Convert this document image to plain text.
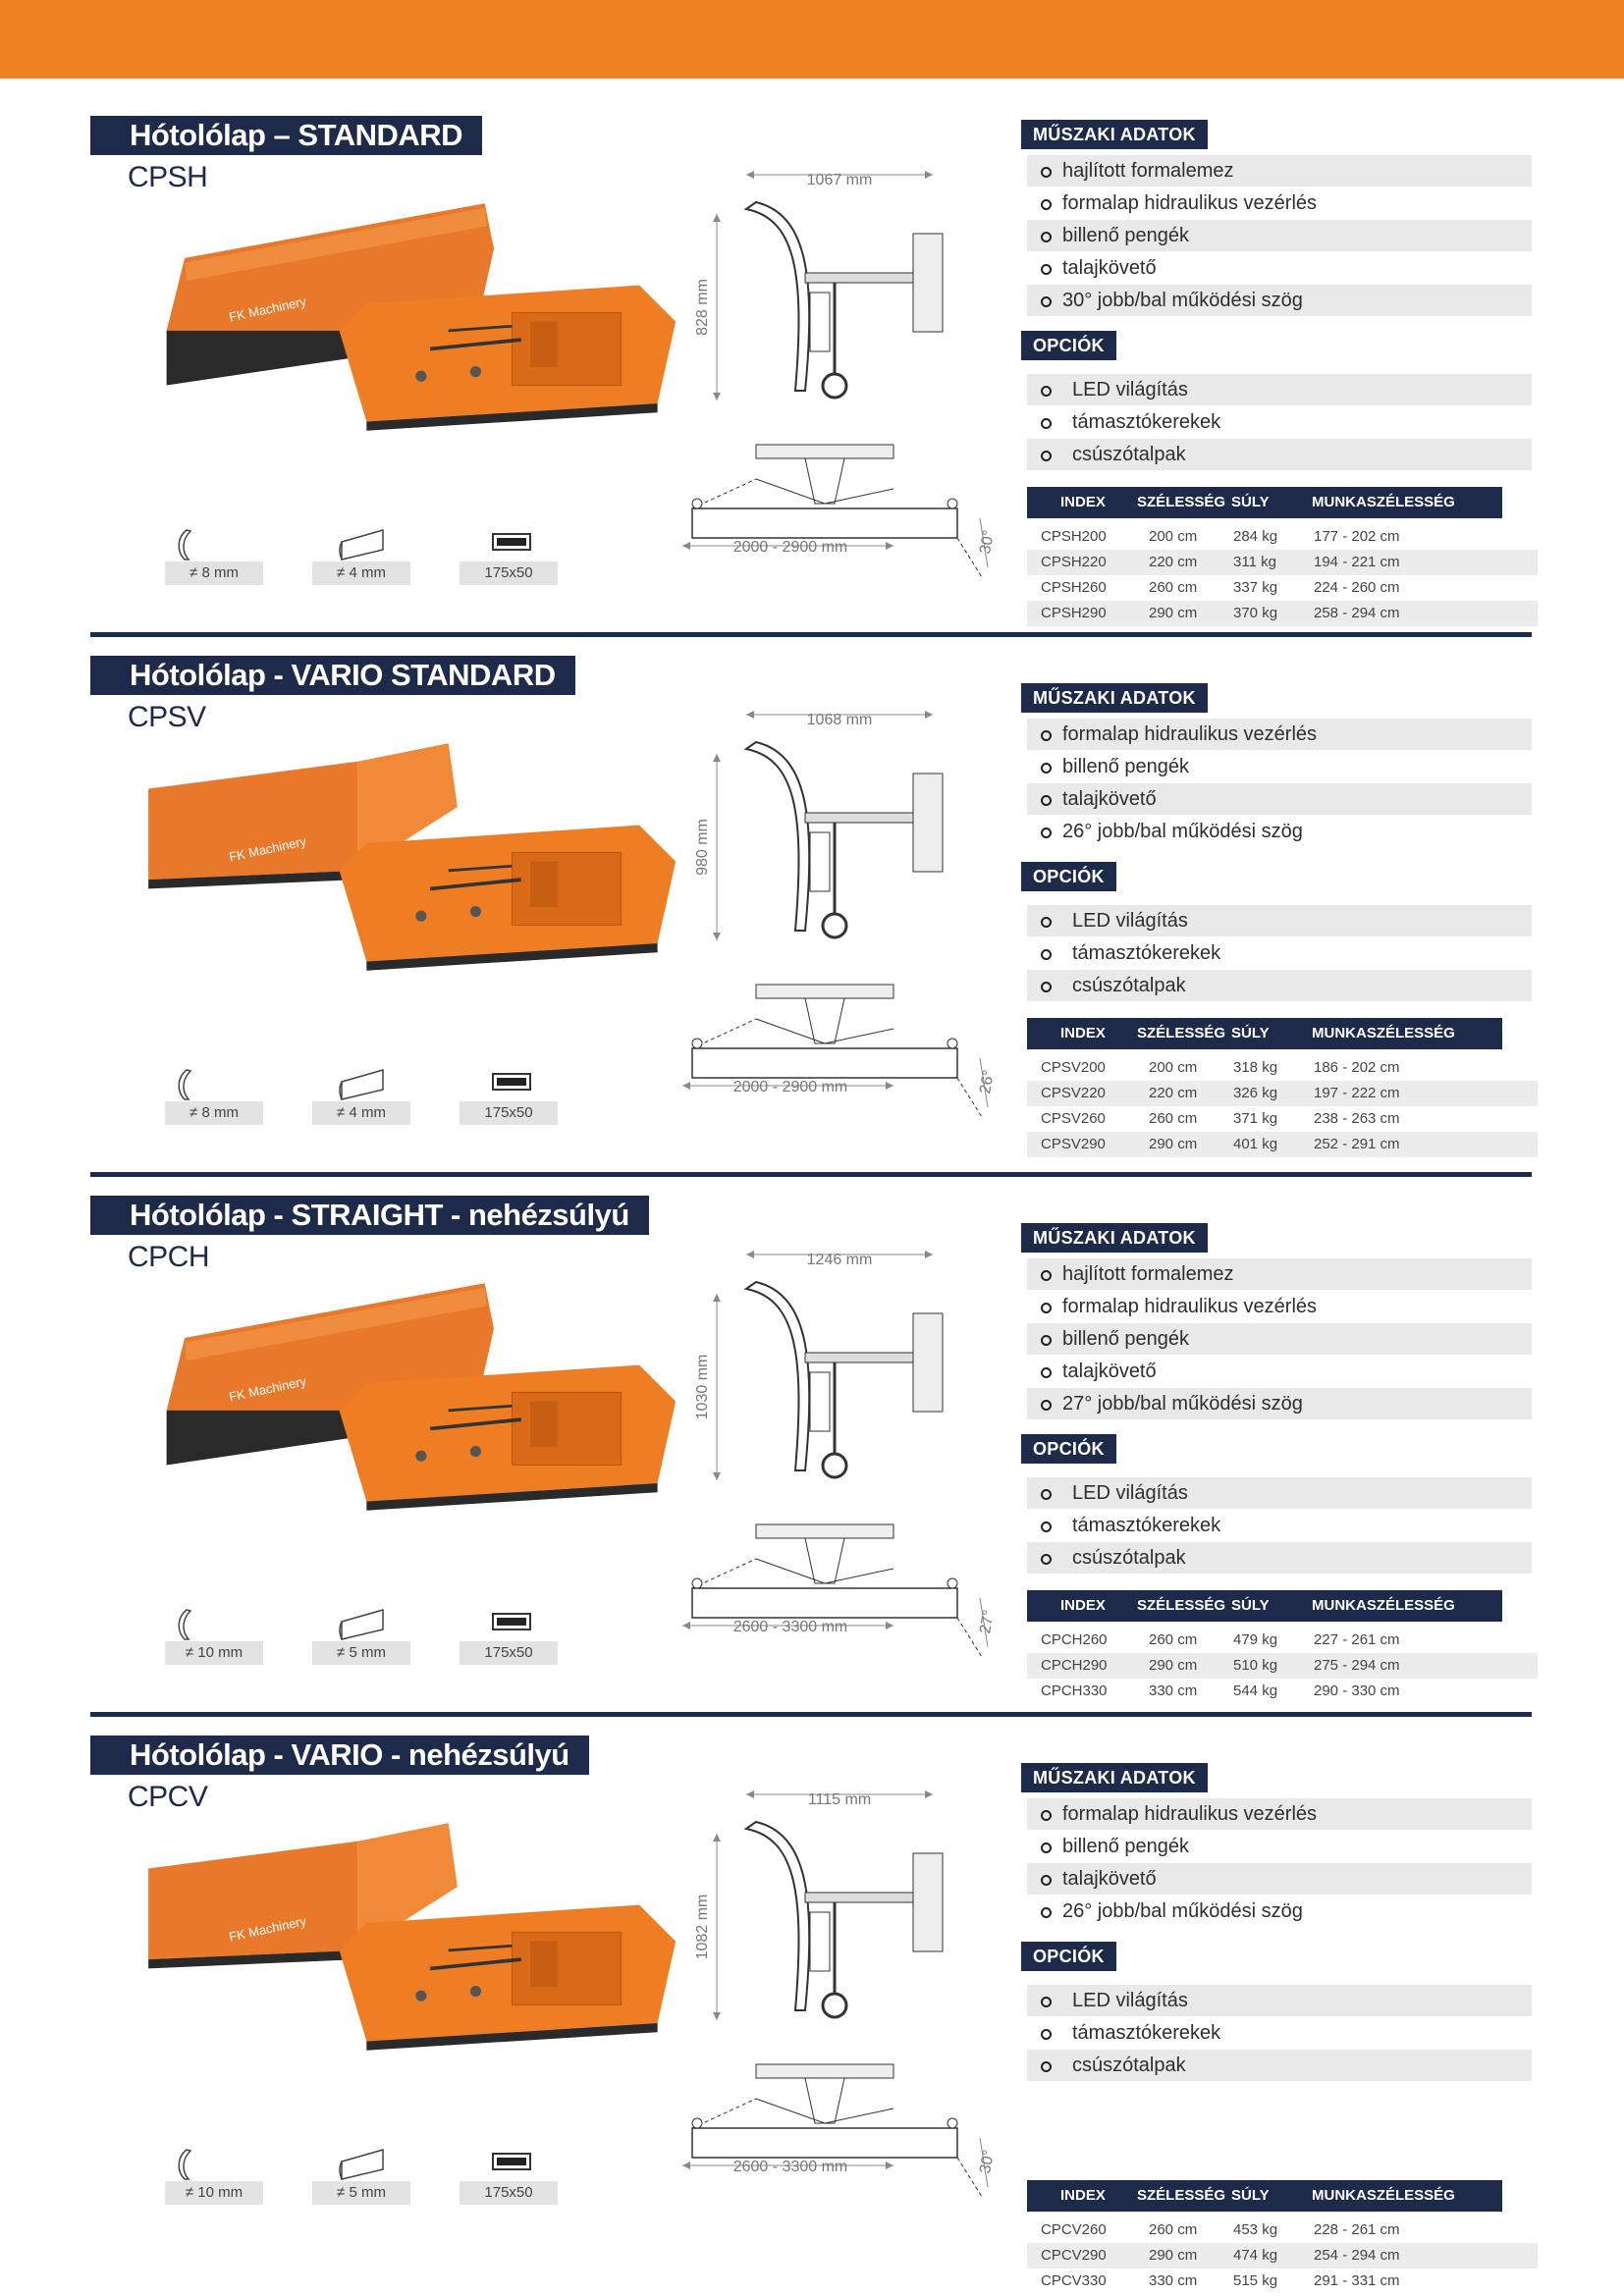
Hótolólap – STANDARD
CPSH
FK Machinery
≠ 8 mm	≠ 4 mm	175x50
1067 mm
828 mm
2000 - 2900 mm	30°
MŰSZAKI ADATOK
hajlított formalemez
formalap hidraulikus vezérlés
billenő pengék
talajkövető
30° jobb/bal működési szög
OPCIÓK
LED világítás
támasztókerekek
csúszótalpak
INDEX SZÉLESSÉG SÚLY	MUNKASZÉLESSÉG
CPSH200	200 cm 284 kg 177 - 202 cm
CPSH220	220 cm 311 kg	194 - 221 cm
CPSH260	260 cm 337 kg 224 - 260 cm
CPSH290	290 cm 370 kg 258 - 294 cm
Hótolólap - VARIO STANDARD
CPSV
FK Machinery
≠ 8 mm	≠ 4 mm	175x50
1068 mm
980 mm
2000 - 2900 mm	26°
MŰSZAKI ADATOK
formalap hidraulikus vezérlés
billenő pengék
talajkövető
26° jobb/bal működési szög
OPCIÓK
LED világítás
támasztókerekek
csúszótalpak
INDEX SZÉLESSÉG SÚLY	MUNKASZÉLESSÉG
CPSV200	200 cm 318 kg 186 - 202 cm
CPSV220	220 cm 326 kg 197 - 222 cm
CPSV260	260 cm 371 kg 238 - 263 cm
CPSV290	290 cm 401 kg 252 - 291 cm
Hótolólap - STRAIGHT - nehézsúlyú
CPCH
FK Machinery
≠ 10 mm	≠ 5 mm	175x50
1246 mm
1030 mm
2600 - 3300 mm	27°
MŰSZAKI ADATOK
hajlított formalemez
formalap hidraulikus vezérlés
billenő pengék
talajkövető
27° jobb/bal működési szög
OPCIÓK
LED világítás
támasztókerekek
csúszótalpak
INDEX SZÉLESSÉG SÚLY	MUNKASZÉLESSÉG
CPCH260	260 cm 479 kg 227 - 261 cm
CPCH290	290 cm 510 kg 275 - 294 cm
CPCH330	330 cm 544 kg 290 - 330 cm
Hótolólap - VARIO - nehézsúlyú
CPCV
FK Machinery
≠ 10 mm	≠ 5 mm	175x50
1115 mm
1082 mm
2600 - 3300 mm	30°
MŰSZAKI ADATOK
formalap hidraulikus vezérlés
billenő pengék
talajkövető
26° jobb/bal működési szög
OPCIÓK
LED világítás
támasztókerekek
csúszótalpak
INDEX SZÉLESSÉG SÚLY	MUNKASZÉLESSÉG
CPCV260	260 cm 453 kg 228 - 261 cm
CPCV290	290 cm 474 kg 254 - 294 cm
CPCV330	330 cm 515 kg 291 - 331 cm
